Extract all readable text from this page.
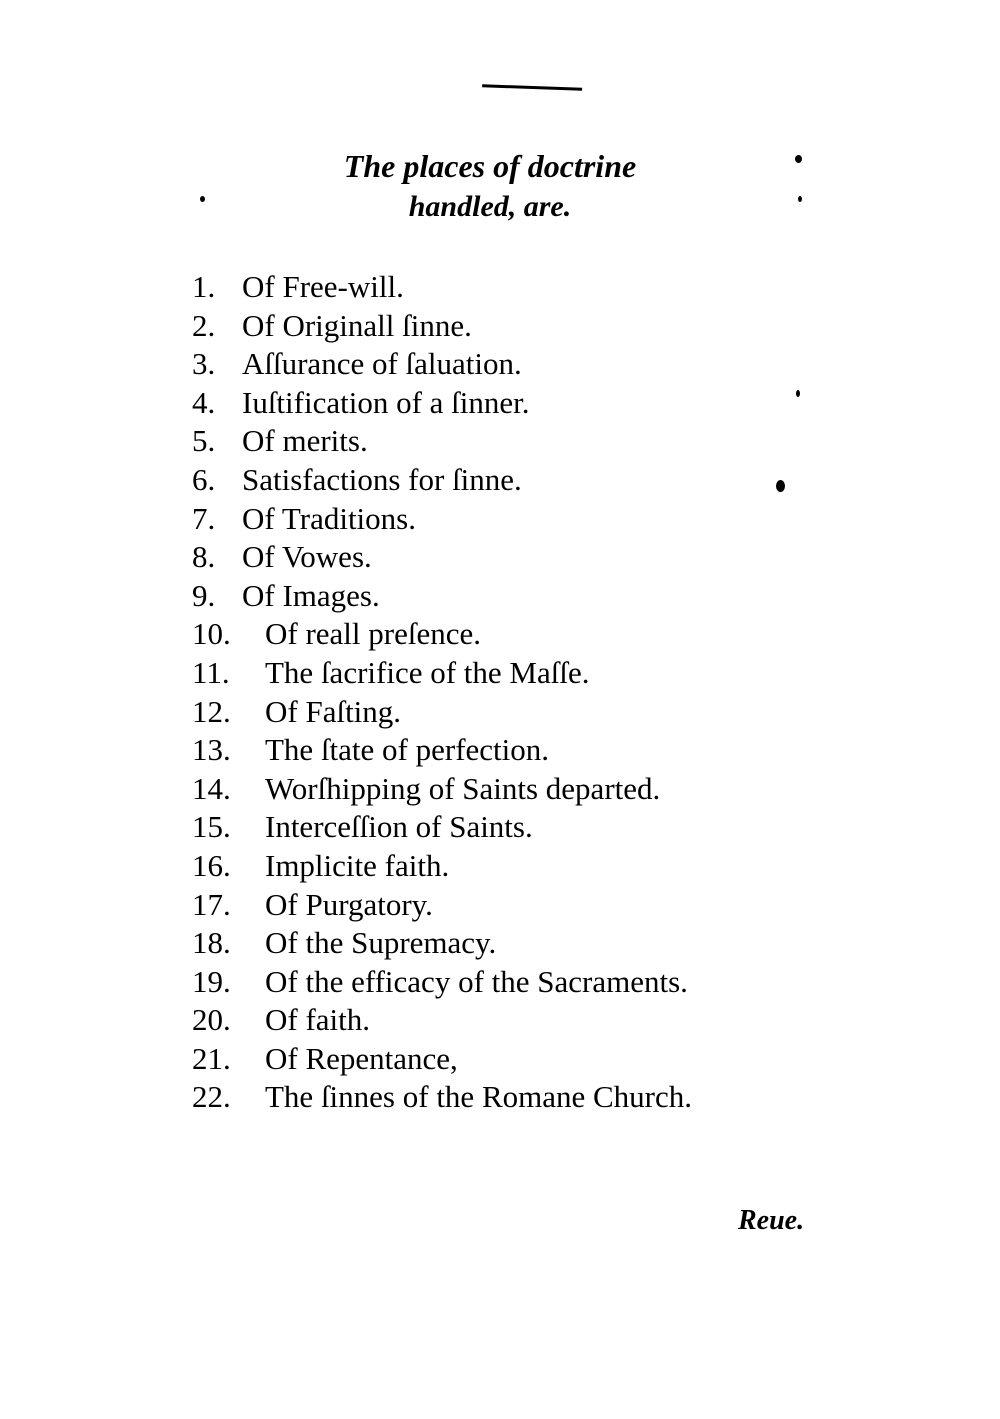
The places of doctrine
handled, are.
1. Of Free-will.
2. Of Originall ſinne.
3. Aſſurance of ſaluation.
4. Iuſtification of a ſinner.
5. Of merits.
6. Satisfactions for ſinne.
7. Of Traditions.
8. Of Vowes.
9. Of Images.
10.	Of reall preſence.
11.	The ſacrifice of the Maſſe.
12.	Of Faſting.
13.	The ſtate of perfection.
14.	Worſhipping of Saints departed.
15.	Interceſſion of Saints.
16.	Implicite faith.
17.	Of Purgatory.
18.	Of the Supremacy.
19.	Of the efficacy of the Sacraments.
20.	Of faith.
21.	Of Repentance,
22.	The ſinnes of the Romane Church.
Reue.
